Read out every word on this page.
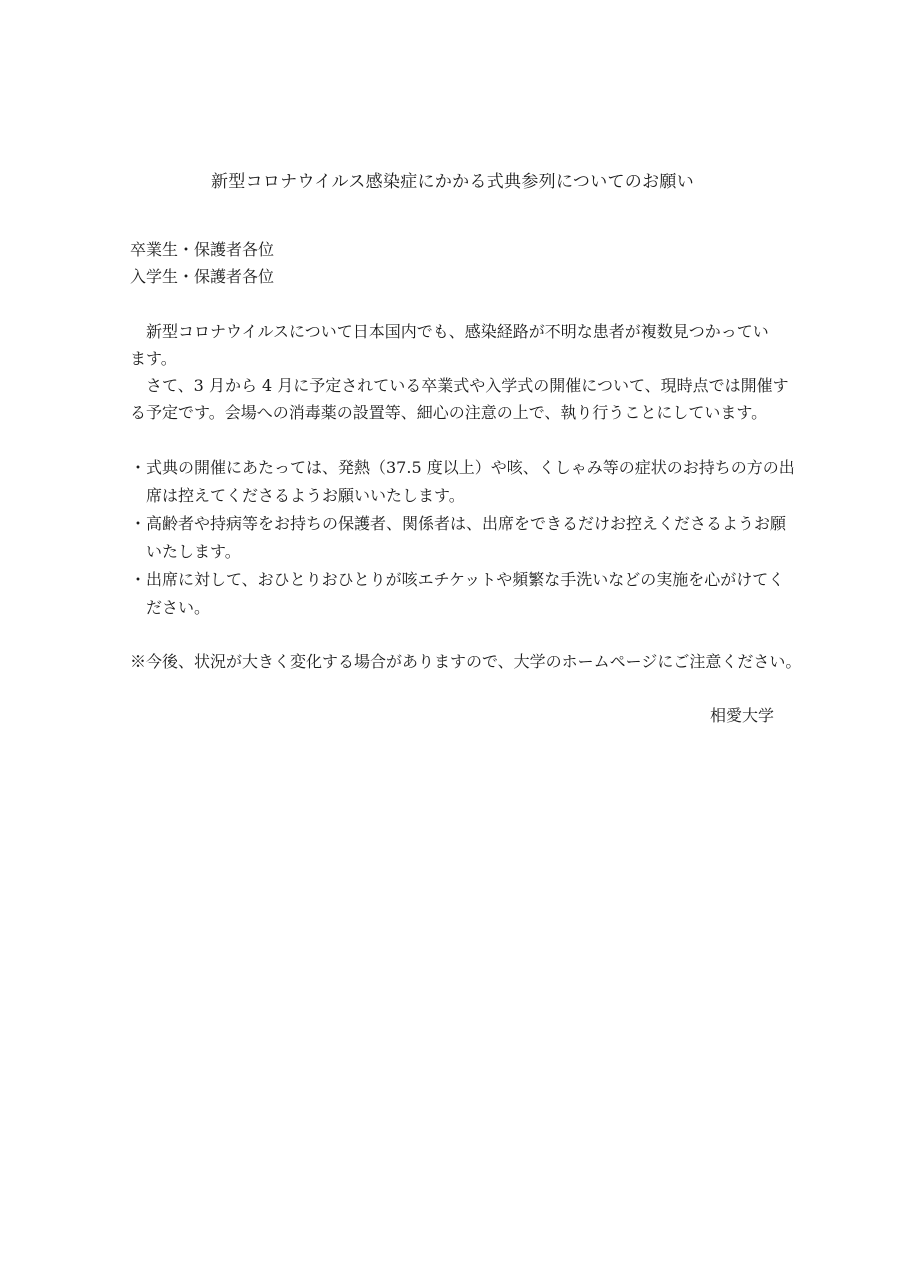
新型コロナウイルス感染症にかかる式典参列についてのお願い
卒業生・保護者各位
入学生・保護者各位
新型コロナウイルスについて日本国内でも、感染経路が不明な患者が複数見つかってい
ます。
さて、3 月から 4 月に予定されている卒業式や入学式の開催について、現時点では開催す
る予定です。会場への消毒薬の設置等、細心の注意の上で、執り行うことにしています。
・式典の開催にあたっては、発熱（37.5 度以上）や咳、くしゃみ等の症状のお持ちの方の出
席は控えてくださるようお願いいたします。
・高齢者や持病等をお持ちの保護者、関係者は、出席をできるだけお控えくださるようお願
いたします。
・出席に対して、おひとりおひとりが咳エチケットや頻繁な手洗いなどの実施を心がけてく
ださい。
※今後、状況が大きく変化する場合がありますので、大学のホームページにご注意ください。
相愛大学
